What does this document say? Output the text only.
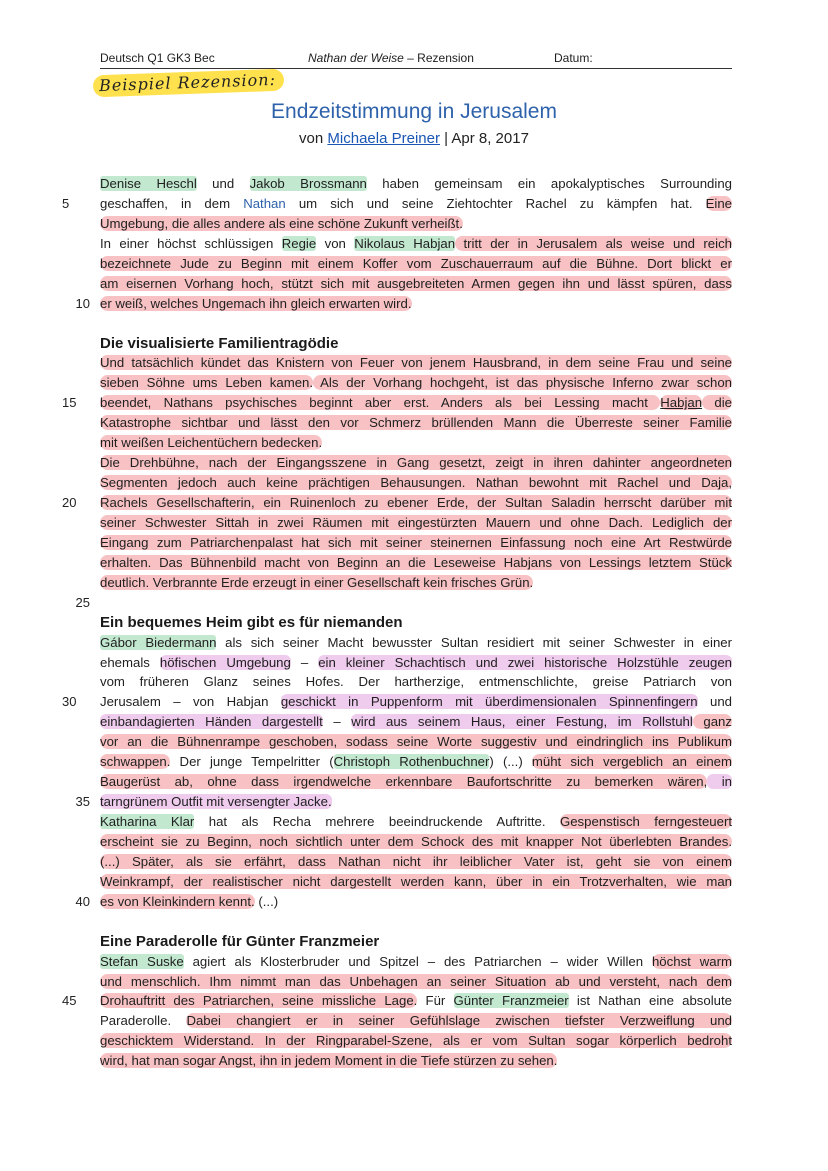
Deutsch Q1 GK3 Bec	Nathan der Weise – Rezension	Datum:
Beispiel Rezension:
Endzeitstimmung in Jerusalem
von Michaela Preiner | Apr 8, 2017
Denise Heschl und Jakob Brossmann haben gemeinsam ein apokalyptisches Surrounding
5	geschaffen, in dem Nathan um sich und seine Ziehtochter Rachel zu kämpfen hat. Eine
Umgebung, die alles andere als eine schöne Zukunft verheißt.
In einer höchst schlüssigen Regie von Nikolaus Habjan tritt der in Jerusalem als weise und reich
bezeichnete Jude zu Beginn mit einem Koffer vom Zuschauerraum auf die Bühne. Dort blickt er
am eisernen Vorhang hoch, stützt sich mit ausgebreiteten Armen gegen ihn und lässt spüren, dass
10 er weiß, welches Ungemach ihn gleich erwarten wird.
Die visualisierte Familientragödie
Und tatsächlich kündet das Knistern von Feuer von jenem Hausbrand, in dem seine Frau und seine
sieben Söhne ums Leben kamen. Als der Vorhang hochgeht, ist das physische Inferno zwar schon
15	beendet, Nathans psychisches beginnt aber erst. Anders als bei Lessing macht Habjan die
Katastrophe sichtbar und lässt den vor Schmerz brüllenden Mann die Überreste seiner Familie
mit weißen Leichentüchern bedecken.
Die Drehbühne, nach der Eingangsszene in Gang gesetzt, zeigt in ihren dahinter angeordneten
Segmenten jedoch auch keine prächtigen Behausungen. Nathan bewohnt mit Rachel und Daja,
20	Rachels Gesellschafterin, ein Ruinenloch zu ebener Erde, der Sultan Saladin herrscht darüber mit
seiner Schwester Sittah in zwei Räumen mit eingestürzten Mauern und ohne Dach. Lediglich der
Eingang zum Patriarchenpalast hat sich mit seiner steinernen Einfassung noch eine Art Restwürde
erhalten. Das Bühnenbild macht von Beginn an die Leseweise Habjans von Lessings letztem Stück
deutlich. Verbrannte Erde erzeugt in einer Gesellschaft kein frisches Grün.
25
Ein bequemes Heim gibt es für niemanden
Gábor Biedermann als sich seiner Macht bewusster Sultan residiert mit seiner Schwester in einer
ehemals höfischen Umgebung – ein kleiner Schachtisch und zwei historische Holzstühle zeugen
vom früheren Glanz seines Hofes. Der hartherzige, entmenschlichte, greise Patriarch von
30	Jerusalem – von Habjan geschickt in Puppenform mit überdimensionalen Spinnenfingern und
einbandagierten Händen dargestellt – wird aus seinem Haus, einer Festung, im Rollstuhl ganz
vor an die Bühnenrampe geschoben, sodass seine Worte suggestiv und eindringlich ins Publikum
schwappen. Der junge Tempelritter (Christoph Rothenbuchner) (...) müht sich vergeblich an einem
Baugerüst ab, ohne dass irgendwelche erkennbare Baufortschritte zu bemerken wären, in
35 tarngrünem Outfit mit versengter Jacke.
Katharina Klar hat als Recha mehrere beeindruckende Auftritte. Gespenstisch ferngesteuert
erscheint sie zu Beginn, noch sichtlich unter dem Schock des mit knapper Not überlebten Brandes.
(...) Später, als sie erfährt, dass Nathan nicht ihr leiblicher Vater ist, geht sie von einem
Weinkrampf, der realistischer nicht dargestellt werden kann, über in ein Trotzverhalten, wie man
40 es von Kleinkindern kennt. (...)
Eine Paraderolle für Günter Franzmeier
Stefan Suske agiert als Klosterbruder und Spitzel – des Patriarchen – wider Willen höchst warm
und menschlich. Ihm nimmt man das Unbehagen an seiner Situation ab und versteht, nach dem
45	Drohauftritt des Patriarchen, seine missliche Lage. Für Günter Franzmeier ist Nathan eine absolute
Paraderolle. Dabei changiert er in seiner Gefühlslage zwischen tiefster Verzweiflung und
geschicktem Widerstand. In der Ringparabel-Szene, als er vom Sultan sogar körperlich bedroht
wird, hat man sogar Angst, ihn in jedem Moment in die Tiefe stürzen zu sehen.
